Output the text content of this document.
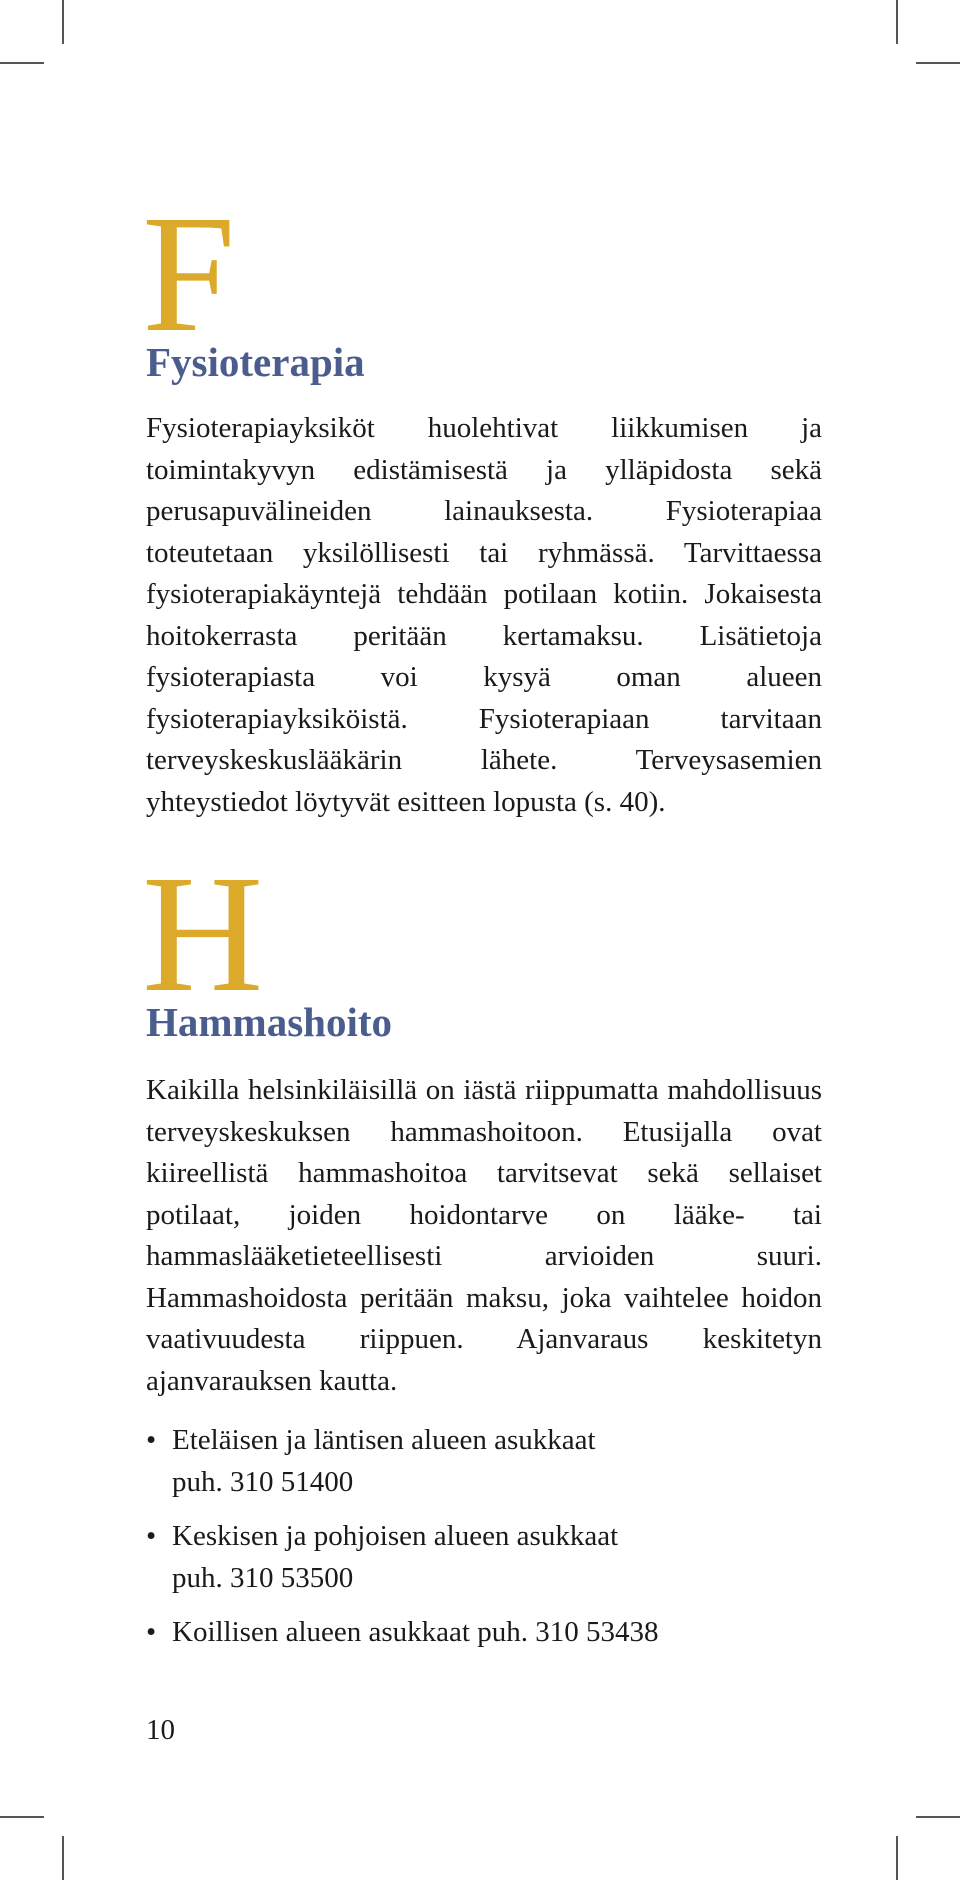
F
Fysioterapia

Fysioterapiayksiköt huolehtivat liikkumisen ja toimintakyvyn edistämisestä ja ylläpidosta sekä perusapuvälineiden lainauksesta. Fysioterapiaa toteutetaan yksilöllisesti tai ryhmässä. Tarvittaessa fysioterapiakäyntejä tehdään potilaan kotiin. Jokaisesta hoitokerrasta peritään kertamaksu. Lisätietoja fysioterapiasta voi kysyä oman alueen fysioterapiayksiköistä. Fysioterapiaan tarvitaan terveyskeskuslääkärin lähete. Terveysasemien yhteystiedot löytyvät esitteen lopusta (s. 40).

H
Hammashoito

Kaikilla helsinkiläisillä on iästä riippumatta mahdollisuus terveyskeskuksen hammashoitoon. Etusijalla ovat kiireellistä hammashoitoa tarvitsevat sekä sellaiset potilaat, joiden hoidontarve on lääke- tai hammaslääketieteellisesti arvioiden suuri. Hammashoidosta peritään maksu, joka vaihtelee hoidon vaativuudesta riippuen. Ajanvaraus keskitetyn ajanvarauksen kautta.

• Eteläisen ja läntisen alueen asukkaat
puh. 310 51400
• Keskisen ja pohjoisen alueen asukkaat
puh. 310 53500
• Koillisen alueen asukkaat puh. 310 53438
10
